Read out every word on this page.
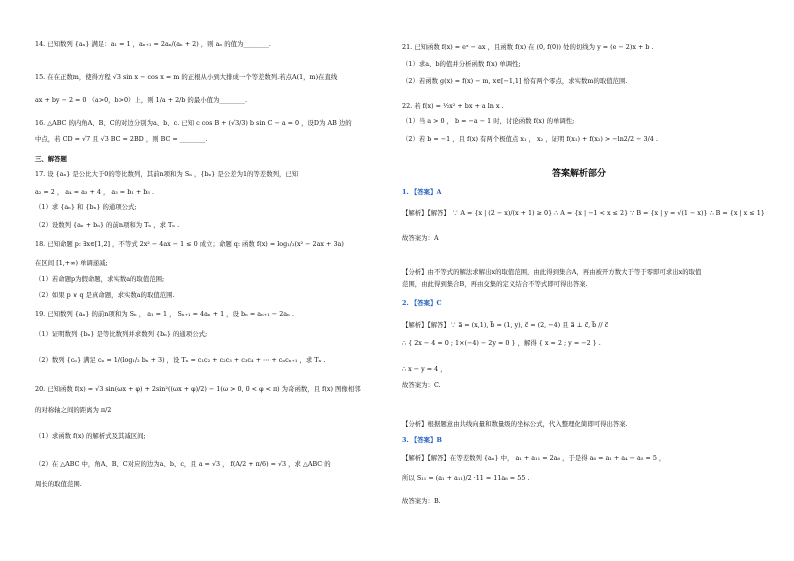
14. 已知数列 {aₙ} 满足：a₁ = 1 ，aₙ₊₁ = 2aₙ/(aₙ + 2) ，则 aₙ 的值为________.
15. 在在正数m，使得方程 √3 sin x − cos x = m 的正根从小到大排成一个等差数列.若点A(1，m)在直线
ax + by − 2 = 0 （a>0，b>0）上，则 1/a + 2/b 的最小值为________.
16. △ABC 的内角A、B、C的对边分别为a、b、c. 已知 c cos B + (√3/3) b sin C − a = 0 ，设D为 AB 边的
中点，若 CD = √7 且 √3 BC = 2BD ，则 BC = ________.
三、解答题
17. 设 {aₙ} 是公比大于0的等比数列，其前n项和为 Sₙ ，{bₙ} 是公差为1的等差数列，已知
a₂ = 2 ， a₄ = a₃ + 4 ， a₃ = b₁ + b₅ .
（1）求 {aₙ} 和 {bₙ} 的通项公式;
（2）设数列 {aₙ + bₙ} 的前n项和为 Tₙ ，求 Tₙ .
18. 已知命题 p: ∃x∈[1,2] ，不等式 2x² − 4ax − 1 ≤ 0 成立；命题 q: 函数 f(x) = log₁/₃(x² − 2ax + 3a)
在区间 [1,+∞) 单调递减;
（1）若命题p为假命题，求实数a的取值范围;
（2）如果 p ∨ q 是真命题，求实数a的取值范围.
19. 已知数列 {aₙ} 的前n项和为 Sₙ ， a₁ = 1 ， Sₙ₊₁ = 4aₙ + 1 ，设 bₙ = aₙ₊₁ − 2aₙ .
（1）证明数列 {bₙ} 是等比数列并求数列 {bₙ} 的通项公式;
（2）数列 {cₙ} 满足 cₙ = 1/(log₁/₂ bₙ + 3) ，设 Tₙ = c₁c₂ + c₂c₃ + c₃c₄ + ⋯ + cₙcₙ₊₁ ，求 Tₙ .
20. 已知函数 f(x) = √3 sin(ωx + φ) + 2sin²((ωx + φ)/2) − 1(ω > 0, 0 < φ < π) 为奇函数，且 f(x) 图像相邻
的对称轴之间的距离为 π/2
（1）求函数 f(x) 的解析式及其减区间;
（2）在 △ABC 中，角A、B、C对应的边为a、b、c，且 a = √3 ， f(A/2 + π/6) = √3 ，求 △ABC 的
周长的取值范围.
21. 已知函数 f(x) = eˣ − ax ，且函数 f(x) 在 (0, f(0)) 处的切线为 y = (e − 2)x + b .
（1）求a、b的值并分析函数 f(x) 单调性;
（2）若函数 g(x) = f(x) − m, x∈[−1,1] 恰有两个零点，求实数m的取值范围.
22. 若 f(x) = ½x² + bx + a ln x .
（1）当 a > 0 ， b = −a − 1 时，讨论函数 f(x) 的单调性;
（2）若 b = −1 ，且 f(x) 有两个极值点 x₁ ， x₂ ，证明 f(x₁) + f(x₂) > −ln2/2 − 3/4 .
答案解析部分
1. 【答案】A
【解析】【解答】 ∵ A = {x | (2 − x)/(x + 1) ≥ 0} ∴ A = {x | −1 < x ≤ 2} ∵ B = {x | y = √(1 − x)} ∴ B = {x | x ≤ 1}
故答案为：A
【分析】由不等式的解法求解出x的取值范围，由此得到集合A，再由被开方数大于等于零即可求出x的取值
范围，由此得到集合B，再由交集的定义结合不等式即可得出答案.
2. 【答案】C
【解析】【解答】∵ a⃗ = (x,1), b⃗ = (1, y), c⃗ = (2, −4) 且 a⃗ ⊥ c⃗, b⃗ // c⃗
∴ { 2x − 4 = 0 ; 1×(−4) − 2y = 0 } ，解得 { x = 2 ; y = −2 } .
∴ x − y = 4 ，
故答案为：C.
【分析】根据题意由共线向量和数量级的坐标公式，代入整理化简即可得出答案.
3. 【答案】B
【解析】【解答】在等差数列 {aₙ} 中， a₁ + a₁₁ = 2a₆ ，于是得 a₆ = a₁ + a₄ − a₅ = 5 ，
所以 S₁₁ = (a₁ + a₁₁)/2 ·11 = 11a₆ = 55 .
故答案为：B.
